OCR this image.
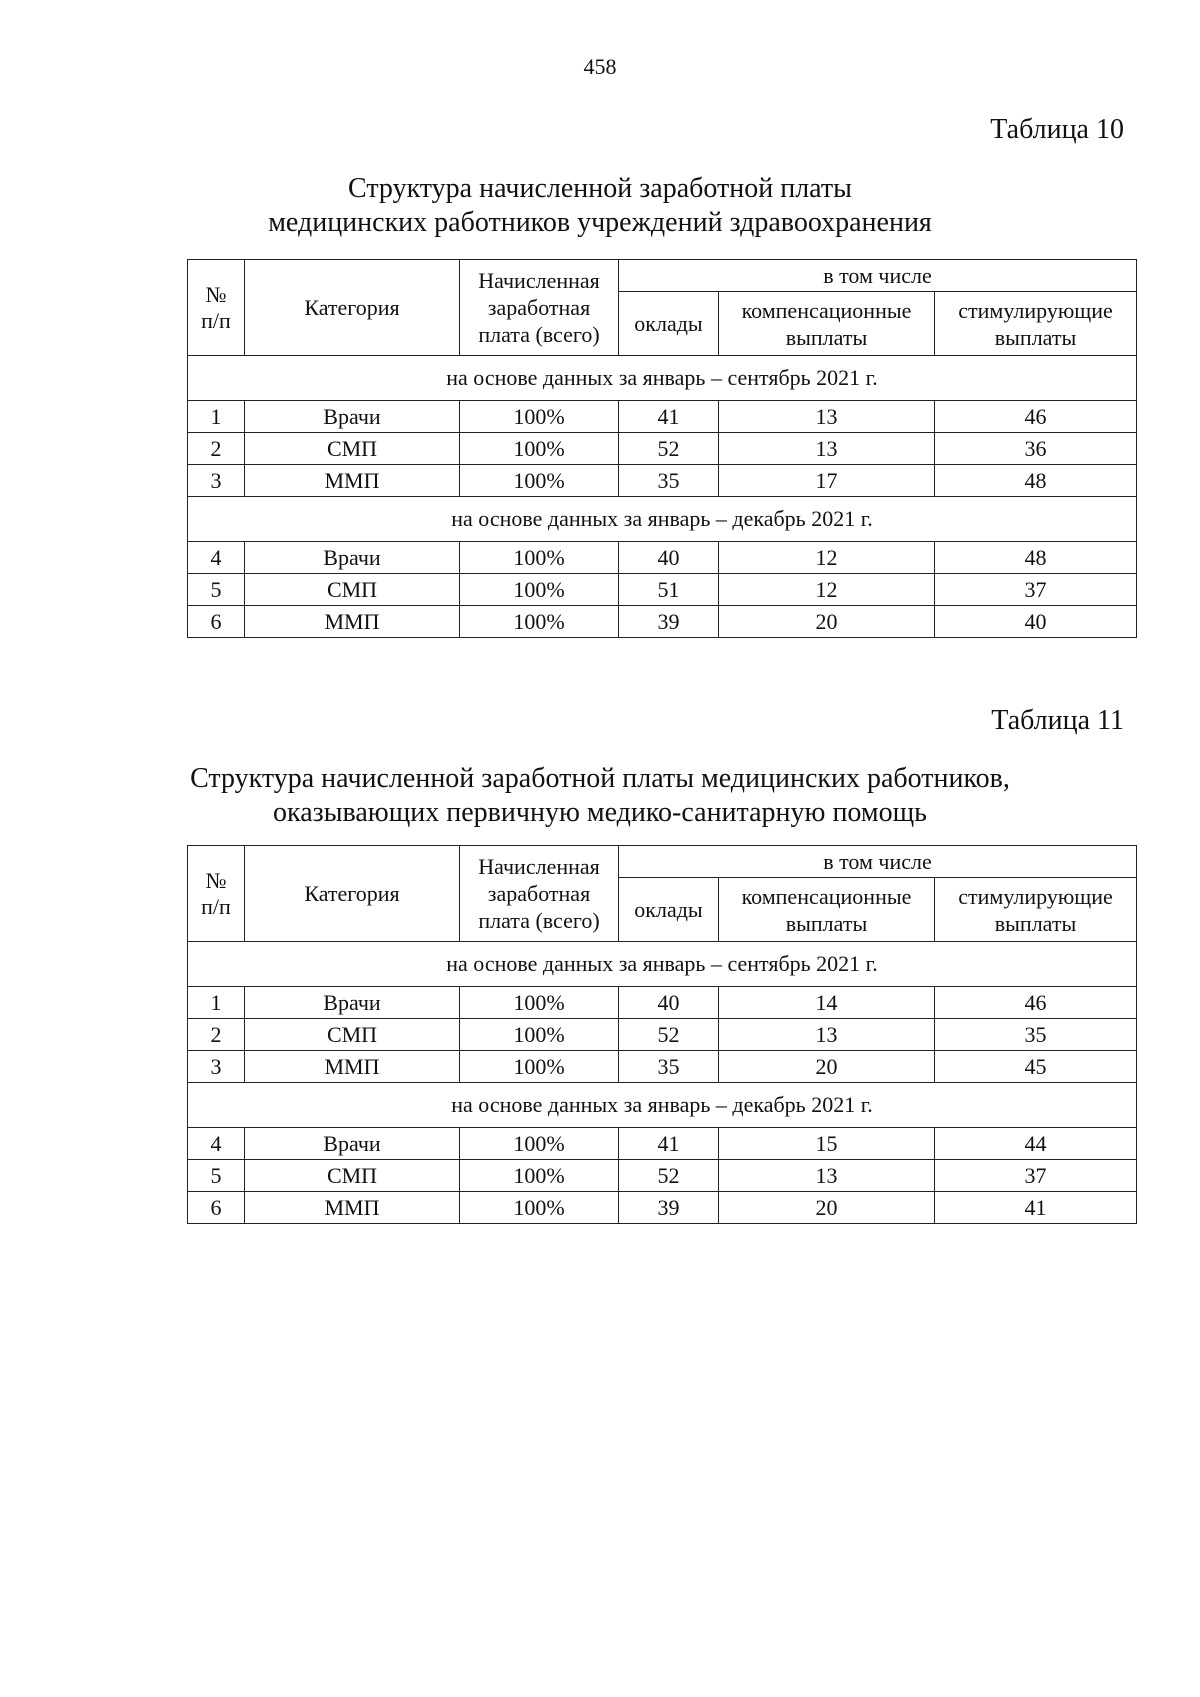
458
Таблица 10
Структура начисленной заработной платы
медицинских работников учреждений здравоохранения
№
п/п	Категория	Начисленная заработная плата (всего)	в том числе		
			оклады	компенсационные выплаты	стимулирующие выплаты
на основе данных за январь – сентябрь 2021 г.					
1	Врачи	100%	41	13	46
2	СМП	100%	52	13	36
3	ММП	100%	35	17	48
на основе данных за январь – декабрь 2021 г.					
4	Врачи	100%	40	12	48
5	СМП	100%	51	12	37
6	ММП	100%	39	20	40
Таблица 11
Структура начисленной заработной платы медицинских работников,
оказывающих первичную медико-санитарную помощь
№
п/п	Категория	Начисленная заработная плата (всего)	в том числе		
			оклады	компенсационные выплаты	стимулирующие выплаты
на основе данных за январь – сентябрь 2021 г.					
1	Врачи	100%	40	14	46
2	СМП	100%	52	13	35
3	ММП	100%	35	20	45
на основе данных за январь – декабрь 2021 г.					
4	Врачи	100%	41	15	44
5	СМП	100%	52	13	37
6	ММП	100%	39	20	41
